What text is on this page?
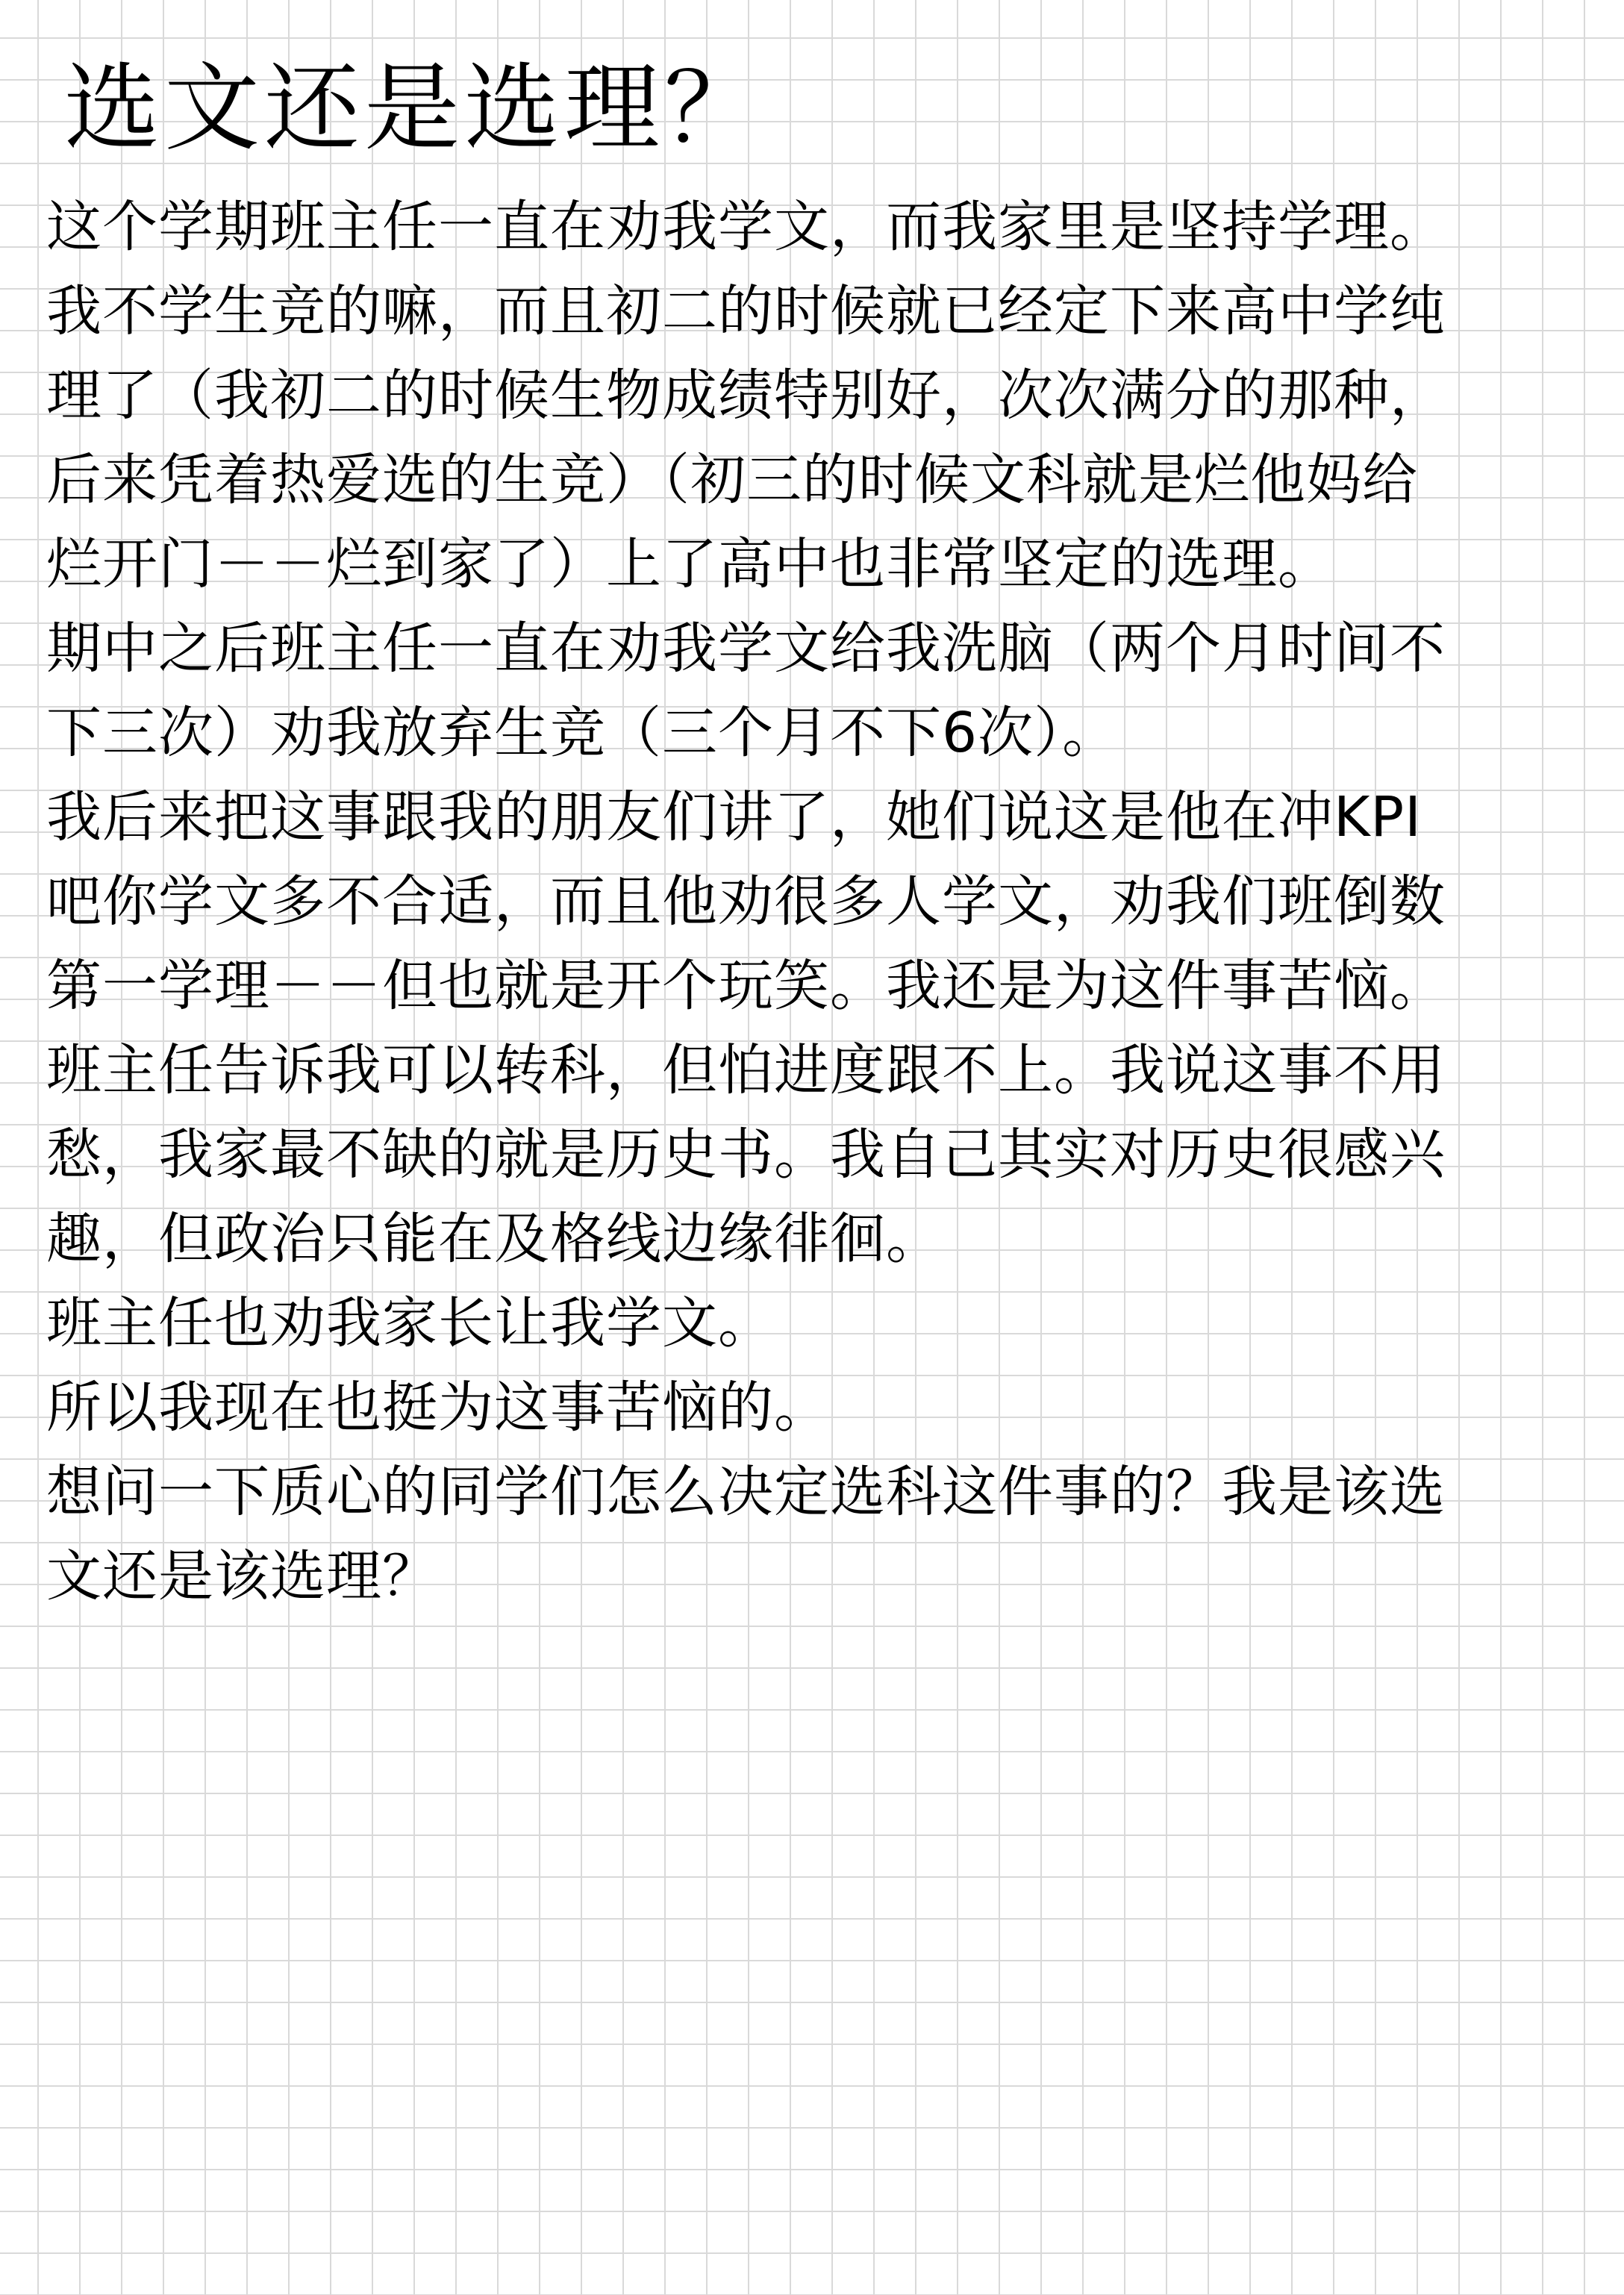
选文还是选理？
这个学期班主任一直在劝我学文，而我家里是坚持学理。
我不学生竞的嘛，而且初二的时候就已经定下来高中学纯
理了（我初二的时候生物成绩特别好，次次满分的那种，
后来凭着热爱选的生竞）（初三的时候文科就是烂他妈给
烂开门－－烂到家了）上了高中也非常坚定的选理。
期中之后班主任一直在劝我学文给我洗脑（两个月时间不
下三次）劝我放弃生竞（三个月不下6次）。
我后来把这事跟我的朋友们讲了，她们说这是他在冲KPI
吧你学文多不合适，而且他劝很多人学文，劝我们班倒数
第一学理－－但也就是开个玩笑。我还是为这件事苦恼。
班主任告诉我可以转科，但怕进度跟不上。我说这事不用
愁，我家最不缺的就是历史书。我自己其实对历史很感兴
趣，但政治只能在及格线边缘徘徊。
班主任也劝我家长让我学文。
所以我现在也挺为这事苦恼的。
想问一下质心的同学们怎么决定选科这件事的？我是该选
文还是该选理？
